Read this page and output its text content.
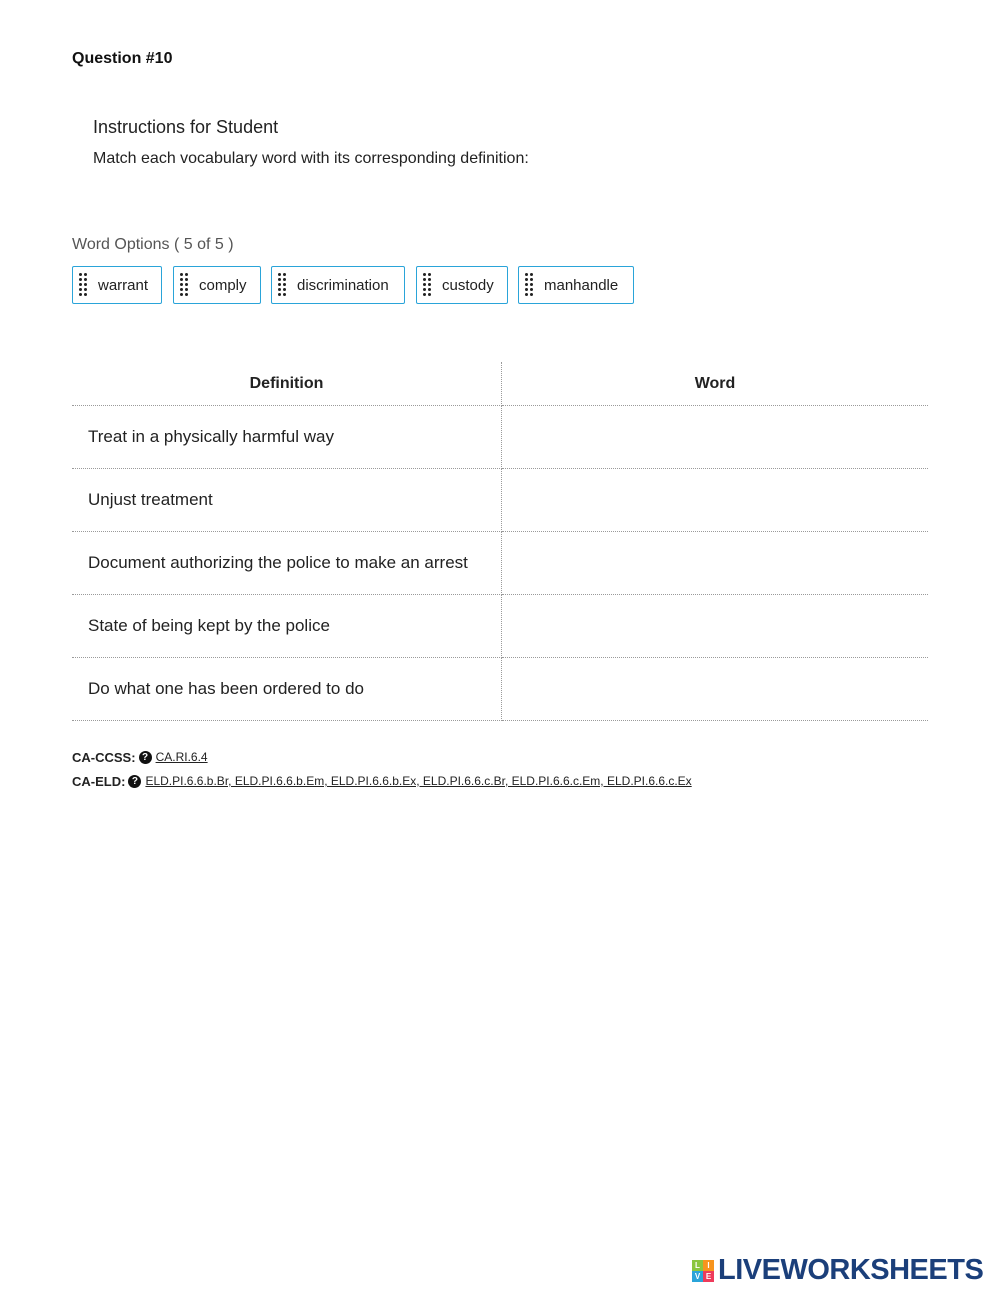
Question #10
Instructions for Student
Match each vocabulary word with its corresponding definition:
Word Options ( 5 of 5 )
warrant	comply	discrimination	custody	manhandle
Definition	Word
Treat in a physically harmful way	

Unjust treatment	

Document authorizing the police to make an arrest	

State of being kept by the police	

Do what one has been ordered to do	
CA-CCSS: ? CA.RI.6.4
CA-ELD: ? ELD.PI.6.6.b.Br, ELD.PI.6.6.b.Em, ELD.PI.6.6.b.Ex, ELD.PI.6.6.c.Br, ELD.PI.6.6.c.Em, ELD.PI.6.6.c.Ex
L I
V E LIVEWORKSHEETS
